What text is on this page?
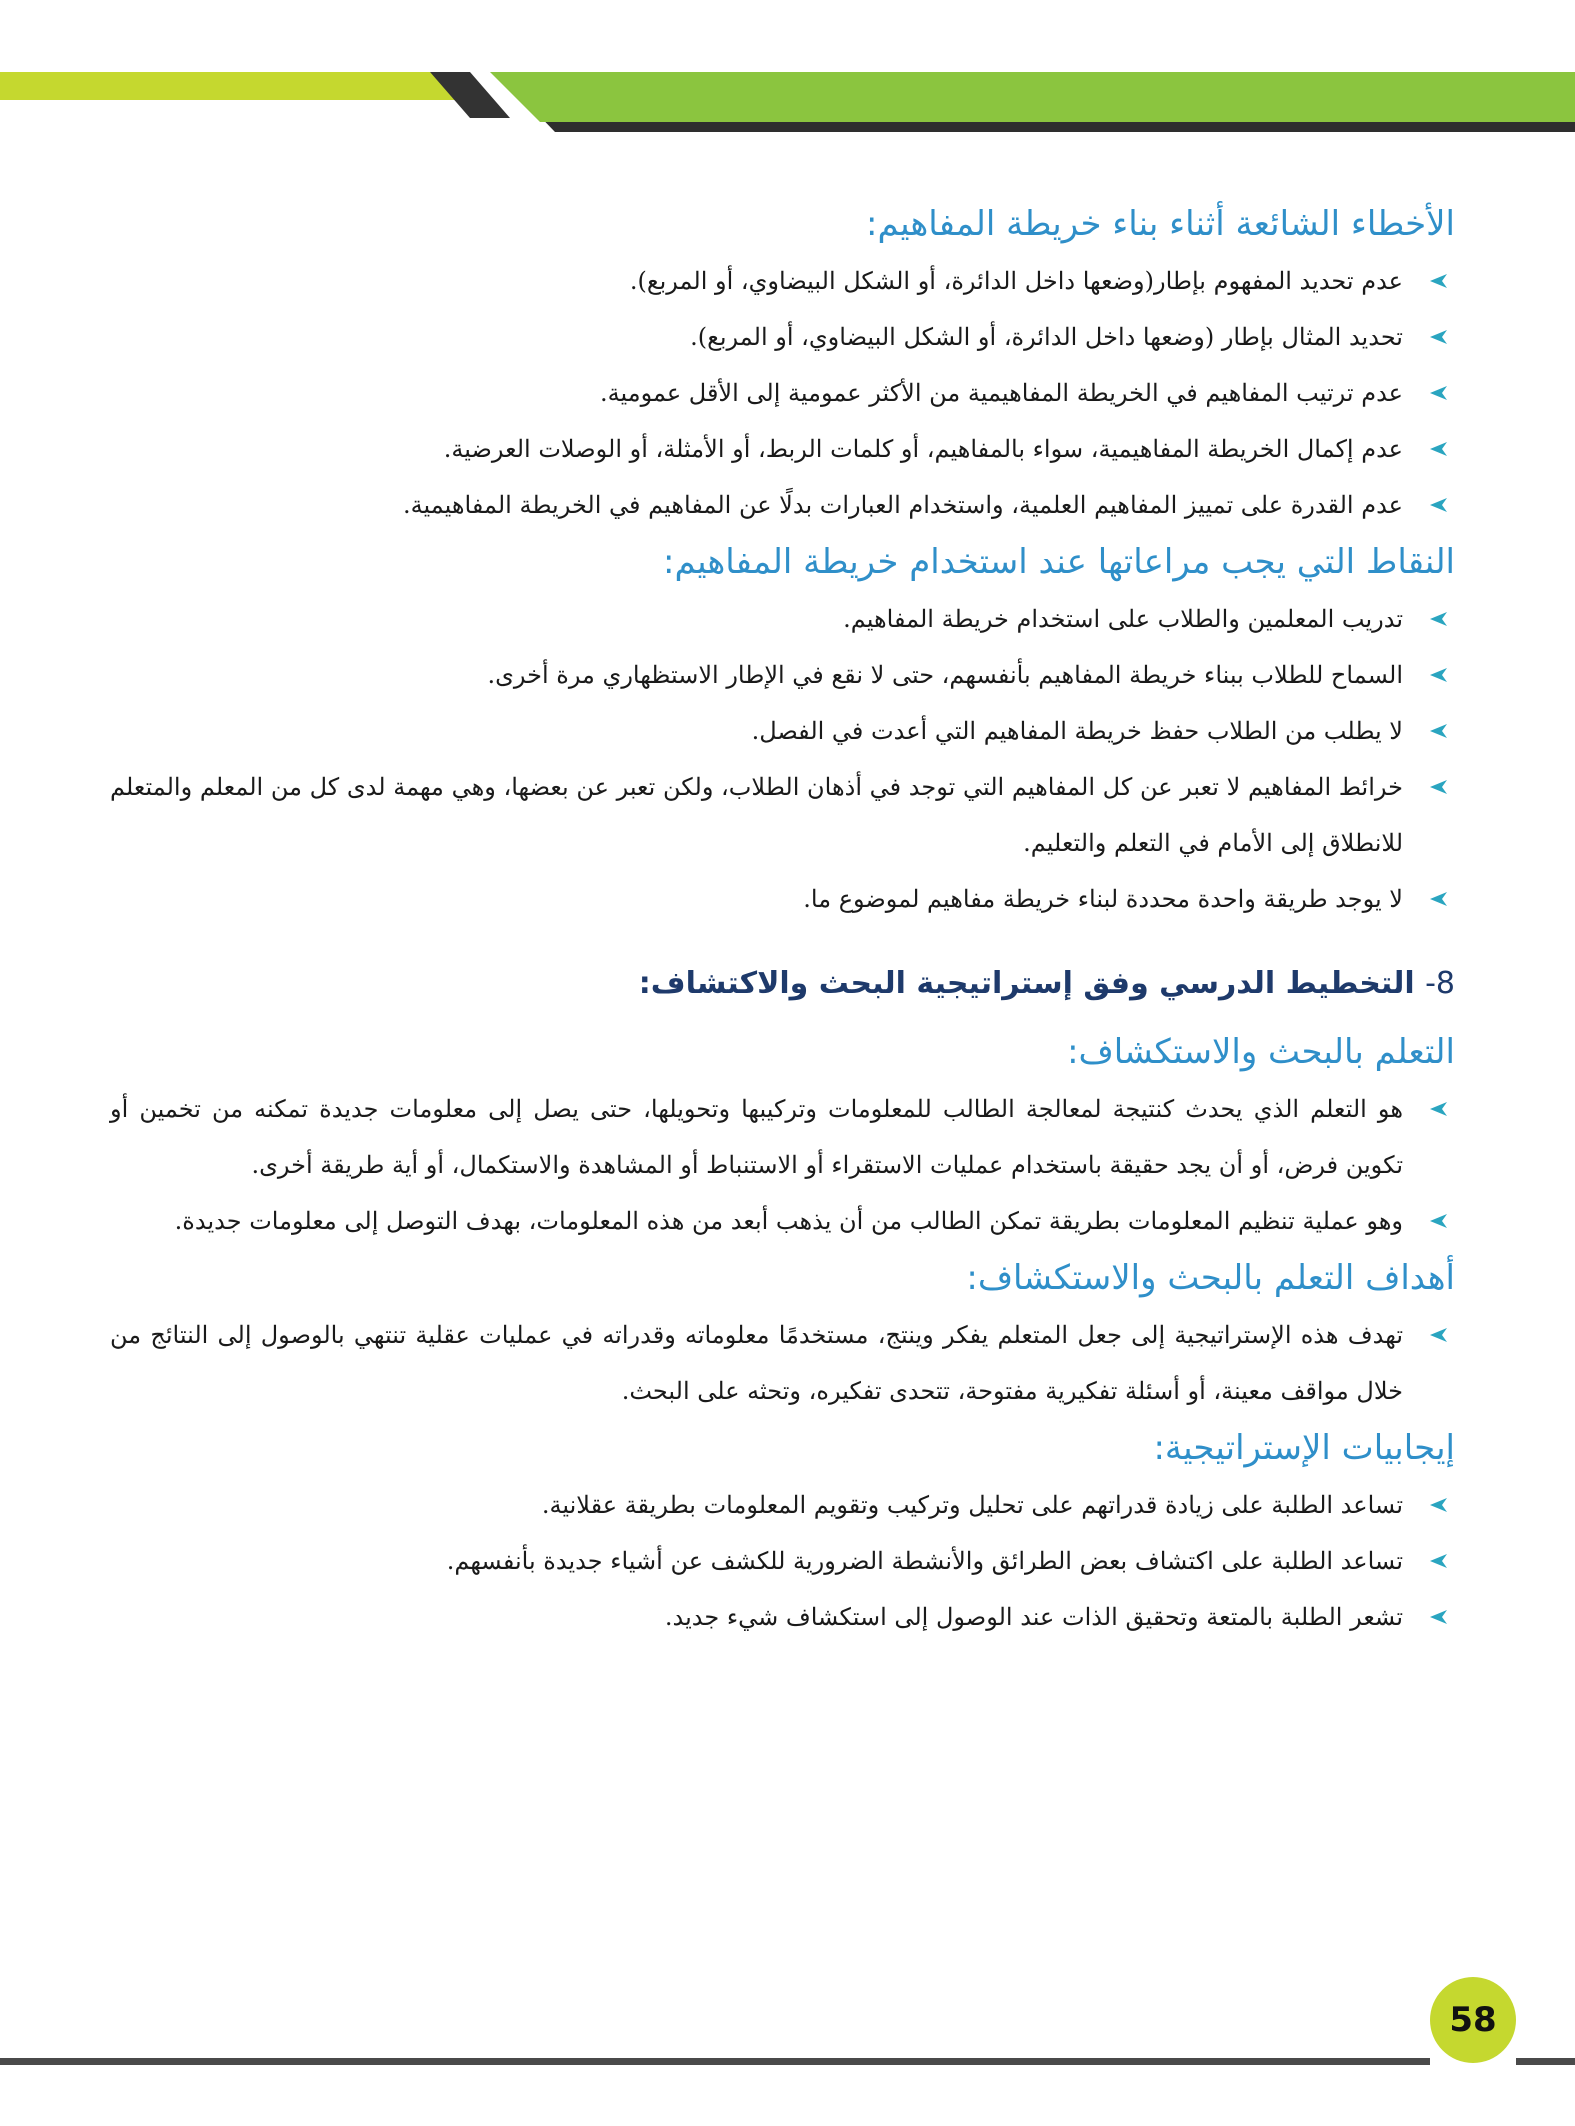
الأخطاء الشائعة أثناء بناء خريطة المفاهيم:
عدم تحديد المفهوم بإطار(وضعها داخل الدائرة، أو الشكل البيضاوي، أو المربع).
تحديد المثال بإطار (وضعها داخل الدائرة، أو الشكل البيضاوي، أو المربع).
عدم ترتيب المفاهيم في الخريطة المفاهيمية من الأكثر عمومية إلى الأقل عمومية.
عدم إكمال الخريطة المفاهيمية، سواء بالمفاهيم، أو كلمات الربط، أو الأمثلة، أو الوصلات العرضية.
عدم القدرة على تمييز المفاهيم العلمية، واستخدام العبارات بدلًا عن المفاهيم في الخريطة المفاهيمية.
النقاط التي يجب مراعاتها عند استخدام خريطة المفاهيم:
تدريب المعلمين والطلاب على استخدام خريطة المفاهيم.
السماح للطلاب ببناء خريطة المفاهيم بأنفسهم، حتى لا نقع في الإطار الاستظهاري مرة أخرى.
لا يطلب من الطلاب حفظ خريطة المفاهيم التي أعدت في الفصل.
خرائط المفاهيم لا تعبر عن كل المفاهيم التي توجد في أذهان الطلاب، ولكن تعبر عن بعضها، وهي مهمة لدى كل من المعلم والمتعلم للانطلاق إلى الأمام في التعلم والتعليم.
لا يوجد طريقة واحدة محددة لبناء خريطة مفاهيم لموضوع ما.
8- التخطيط الدرسي وفق إستراتيجية البحث والاكتشاف:
التعلم بالبحث والاستكشاف:
هو التعلم الذي يحدث كنتيجة لمعالجة الطالب للمعلومات وتركيبها وتحويلها، حتى يصل إلى معلومات جديدة تمكنه من تخمين أو تكوين فرض، أو أن يجد حقيقة باستخدام عمليات الاستقراء أو الاستنباط أو المشاهدة والاستكمال، أو أية طريقة أخرى.
وهو عملية تنظيم المعلومات بطريقة تمكن الطالب من أن يذهب أبعد من هذه المعلومات، بهدف التوصل إلى معلومات جديدة.
أهداف التعلم بالبحث والاستكشاف:
تهدف هذه الإستراتيجية إلى جعل المتعلم يفكر وينتج، مستخدمًا معلوماته وقدراته في عمليات عقلية تنتهي بالوصول إلى النتائج من خلال مواقف معينة، أو أسئلة تفكيرية مفتوحة، تتحدى تفكيره، وتحثه على البحث.
إيجابيات الإستراتيجية:
تساعد الطلبة على زيادة قدراتهم على تحليل وتركيب وتقويم المعلومات بطريقة عقلانية.
تساعد الطلبة على اكتشاف بعض الطرائق والأنشطة الضرورية للكشف عن أشياء جديدة بأنفسهم.
تشعر الطلبة بالمتعة وتحقيق الذات عند الوصول إلى استكشاف شيء جديد.
58
